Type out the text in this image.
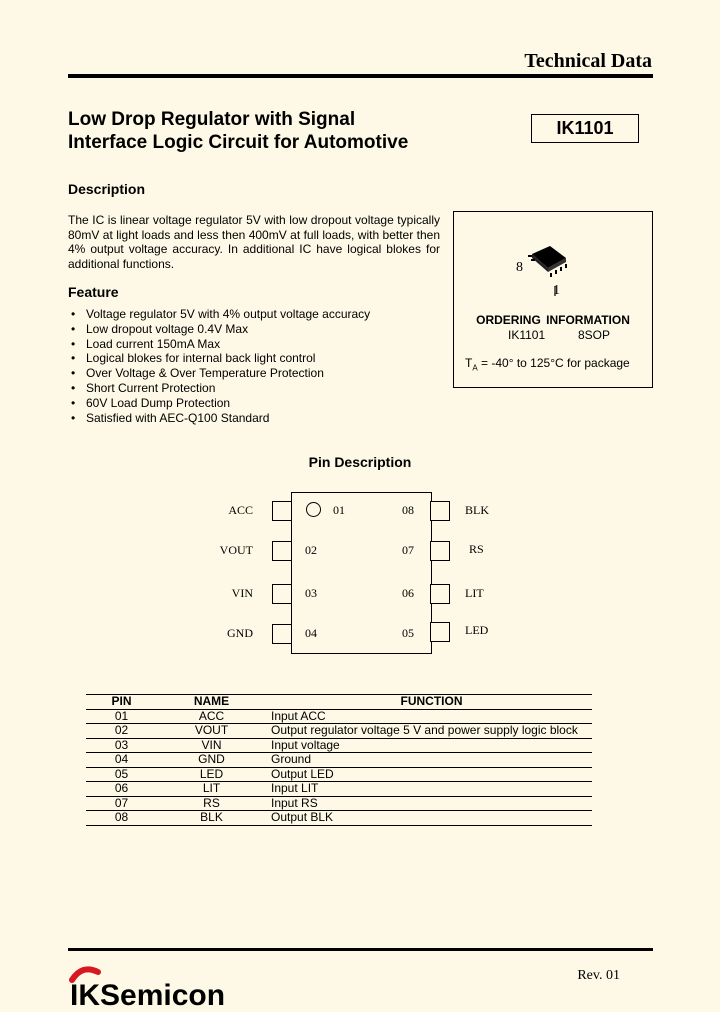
Technical Data
Low Drop Regulator with Signal
Interface Logic Circuit for Automotive
IK1101
Description
The IC is linear voltage regulator 5V with low dropout voltage typically 80mV at light loads and less then 400mV at full loads, with better then 4% output voltage accuracy. In additional IC have logical blokes for additional functions.
Feature
• Voltage regulator 5V with 4% output voltage accuracy
• Low dropout voltage 0.4V Max
• Load current 150mA Max
• Logical blokes for internal back light control
• Over Voltage & Over Temperature Protection
• Short Current Protection
• 60V Load Dump Protection
• Satisfied with AEC-Q100 Standard
8
1
ORDERING INFORMATION
IK1101	8SOP
$T_A = -40^\circ$ to 125°C for package
Pin Description
ACC
VOUT
VIN
GND
01
02
03
04
BLK
RS
LIT
LED
08
07
06
05
PIN	NAME	FUNCTION
01	ACC	Input ACC
02	VOUT	Output regulator voltage 5 V and power supply logic block
03	VIN	Input voltage
04	GND	Ground
05	LED	Output LED
06	LIT	Input LIT
07	RS	Input RS
08	BLK	Output BLK
IKSemicon
Rev. 01
